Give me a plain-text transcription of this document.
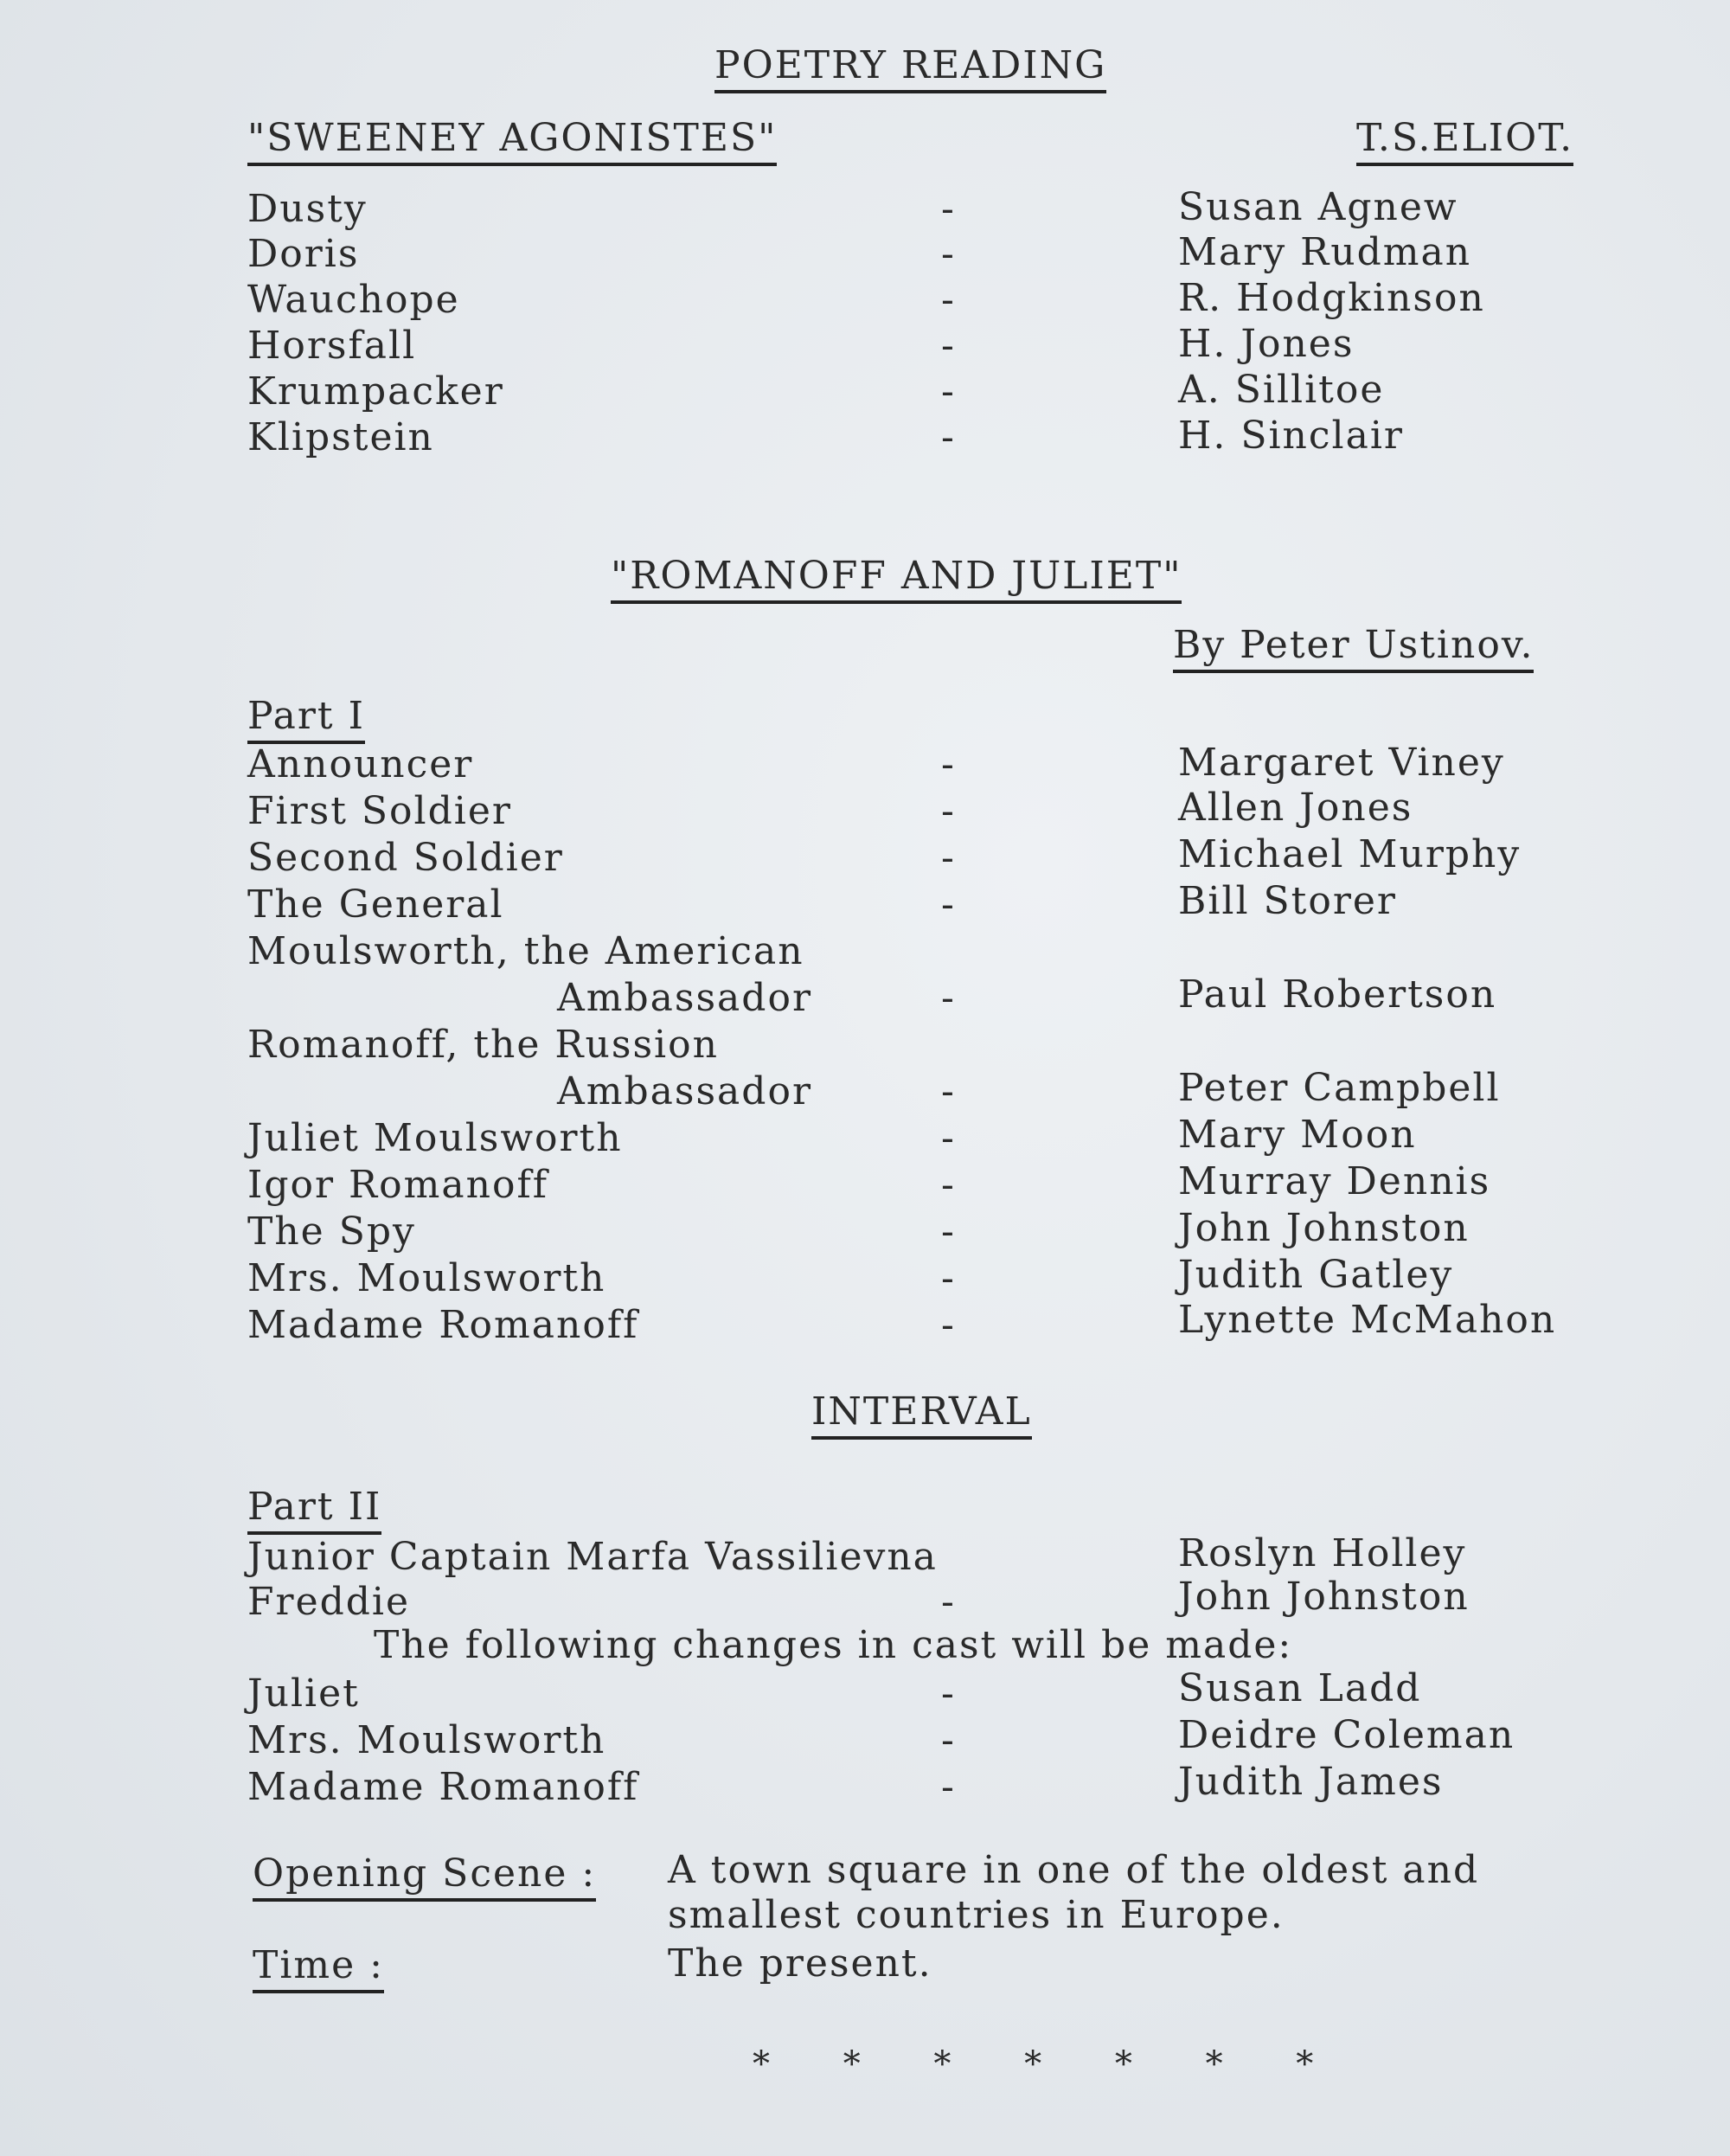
POETRY READING
"SWEENEY AGONISTES"	T.S.ELIOT.
Dusty	-	Susan Agnew
Doris	-	Mary Rudman
Wauchope	-	R. Hodgkinson
Horsfall	-	H. Jones
Krumpacker	-	A. Sillitoe
Klipstein	-	H. Sinclair
"ROMANOFF AND JULIET"
By Peter Ustinov.
Part I
Announcer	-	Margaret Viney
First Soldier	-	Allen Jones
Second Soldier	-	Michael Murphy
The General	-	Bill Storer
Moulsworth, the American
Ambassador	-	Paul Robertson
Romanoff, the Russion
Ambassador	-	Peter Campbell
Juliet Moulsworth	-	Mary Moon
Igor Romanoff	-	Murray Dennis
The Spy	-	John Johnston
Mrs. Moulsworth	-	Judith Gatley
Madame Romanoff	-	Lynette McMahon
INTERVAL
Part II
Junior Captain Marfa Vassilievna	Roslyn Holley
Freddie	-	John Johnston
The following changes in cast will be made:
Juliet	-	Susan Ladd
Mrs. Moulsworth	-	Deidre Coleman
Madame Romanoff	-	Judith James
Opening Scene : A town square in one of the oldest and
smallest countries in Europe.
Time :	The present.
* * * * * * *
